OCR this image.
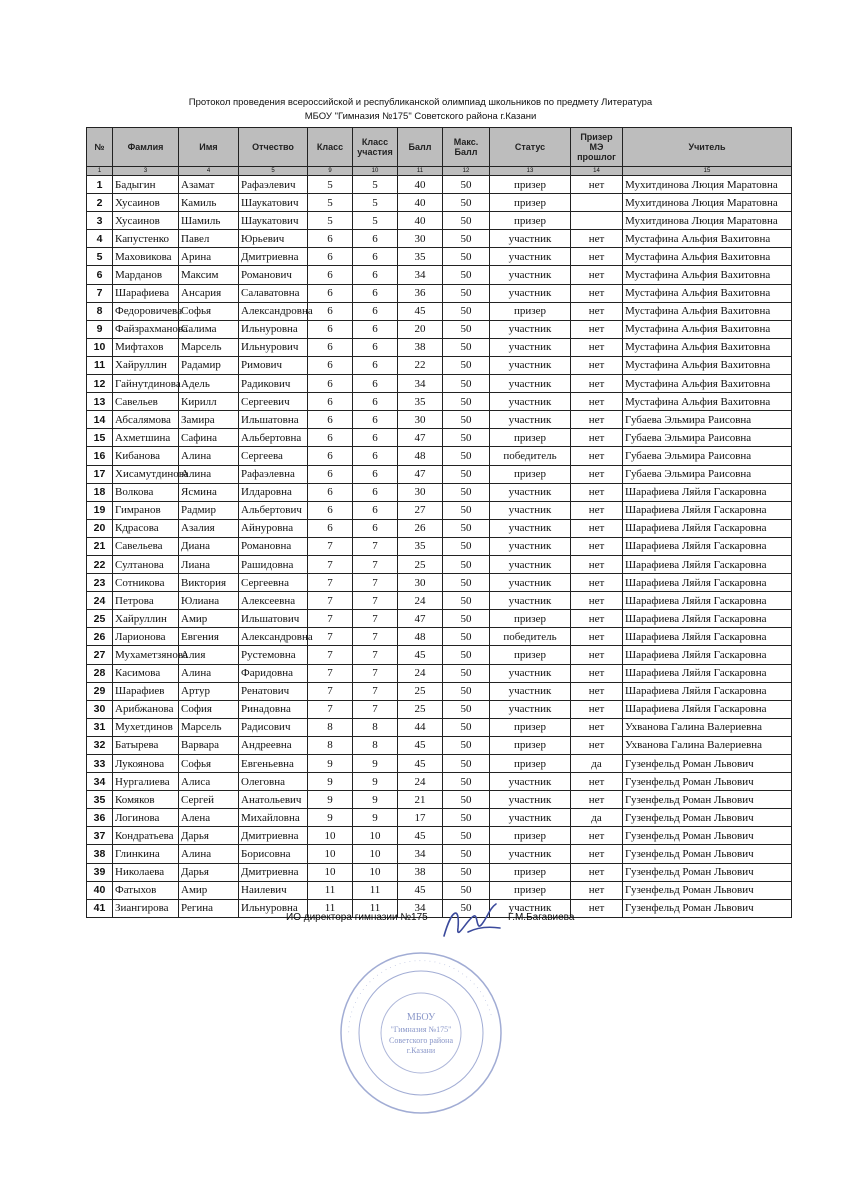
Протокол проведения всероссийской и республиканской олимпиад школьников по предмету Литература
МБОУ "Гимназия №175" Советского района г.Казани
№	Фамлия	Имя	Отчество	Класс	Класс участия	Балл	Макс. Балл	Статус	Призер МЭ прошлог	Учитель
1	3	4	5	9	10	11	12	13	14	15
1	Бадыгин	Азамат	Рафаэлевич	5	5	40	50	призер	нет	Мухитдинова Люция Маратовна
2	Хусаинов	Камиль	Шаукатович	5	5	40	50	призер		Мухитдинова Люция Маратовна
3	Хусаинов	Шамиль	Шаукатович	5	5	40	50	призер		Мухитдинова Люция Маратовна
4	Капустенко	Павел	Юрьевич	6	6	30	50	участник	нет	Мустафина Альфия Вахитовна
5	Маховикова	Арина	Дмитриевна	6	6	35	50	участник	нет	Мустафина Альфия Вахитовна
6	Марданов	Максим	Романович	6	6	34	50	участник	нет	Мустафина Альфия Вахитовна
7	Шарафиева	Ансария	Салаватовна	6	6	36	50	участник	нет	Мустафина Альфия Вахитовна
8	Федоровичева	Софья	Александровна	6	6	45	50	призер	нет	Мустафина Альфия Вахитовна
9	Файзрахманова	Салима	Ильнуровна	6	6	20	50	участник	нет	Мустафина Альфия Вахитовна
10	Мифтахов	Марсель	Ильнурович	6	6	38	50	участник	нет	Мустафина Альфия Вахитовна
11	Хайруллин	Радамир	Римович	6	6	22	50	участник	нет	Мустафина Альфия Вахитовна
12	Гайнутдинова	Адель	Радикович	6	6	34	50	участник	нет	Мустафина Альфия Вахитовна
13	Савельев	Кирилл	Сергеевич	6	6	35	50	участник	нет	Мустафина Альфия Вахитовна
14	Абсалямова	Замира	Ильшатовна	6	6	30	50	участник	нет	Губаева Эльмира Раисовна
15	Ахметшина	Сафина	Альбертовна	6	6	47	50	призер	нет	Губаева Эльмира Раисовна
16	Кибанова	Алина	Сергеева	6	6	48	50	победитель	нет	Губаева Эльмира Раисовна
17	Хисамутдинова	Алина	Рафаэлевна	6	6	47	50	призер	нет	Губаева Эльмира Раисовна
18	Волкова	Ясмина	Илдаровна	6	6	30	50	участник	нет	Шарафиева Ляйля Гаскаровна
19	Гимранов	Радмир	Альбертович	6	6	27	50	участник	нет	Шарафиева Ляйля Гаскаровна
20	Кдрасова	Азалия	Айнуровна	6	6	26	50	участник	нет	Шарафиева Ляйля Гаскаровна
21	Савельева	Диана	Романовна	7	7	35	50	участник	нет	Шарафиева Ляйля Гаскаровна
22	Султанова	Лиана	Рашидовна	7	7	25	50	участник	нет	Шарафиева Ляйля Гаскаровна
23	Сотникова	Виктория	Сергеевна	7	7	30	50	участник	нет	Шарафиева Ляйля Гаскаровна
24	Петрова	Юлиана	Алексеевна	7	7	24	50	участник	нет	Шарафиева Ляйля Гаскаровна
25	Хайруллин	Амир	Ильшатович	7	7	47	50	призер	нет	Шарафиева Ляйля Гаскаровна
26	Ларионова	Евгения	Александровна	7	7	48	50	победитель	нет	Шарафиева Ляйля Гаскаровна
27	Мухаметзянова	Алия	Рустемовна	7	7	45	50	призер	нет	Шарафиева Ляйля Гаскаровна
28	Касимова	Алина	Фаридовна	7	7	24	50	участник	нет	Шарафиева Ляйля Гаскаровна
29	Шарафиев	Артур	Ренатович	7	7	25	50	участник	нет	Шарафиева Ляйля Гаскаровна
30	Арибжанова	София	Ринадовна	7	7	25	50	участник	нет	Шарафиева Ляйля Гаскаровна
31	Мухетдинов	Марсель	Радисович	8	8	44	50	призер	нет	Ухванова Галина Валериевна
32	Батырева	Варвара	Андреевна	8	8	45	50	призер	нет	Ухванова Галина Валериевна
33	Лукоянова	Софья	Евгеньевна	9	9	45	50	призер	да	Гузенфельд Роман Львович
34	Нургалиева	Алиса	Олеговна	9	9	24	50	участник	нет	Гузенфельд Роман Львович
35	Комяков	Сергей	Анатольевич	9	9	21	50	участник	нет	Гузенфельд Роман Львович
36	Логинова	Алена	Михайловна	9	9	17	50	участник	да	Гузенфельд Роман Львович
37	Кондратьева	Дарья	Дмитриевна	10	10	45	50	призер	нет	Гузенфельд Роман Львович
38	Глинкина	Алина	Борисовна	10	10	34	50	участник	нет	Гузенфельд Роман Львович
39	Николаева	Дарья	Дмитриевна	10	10	38	50	призер	нет	Гузенфельд Роман Львович
40	Фатыхов	Амир	Наилевич	11	11	45	50	призер	нет	Гузенфельд Роман Львович
41	Зиангирова	Регина	Ильнуровна	11	11	34	50	участник	нет	Гузенфельд Роман Львович
· · · · · · · · · · · · · · · · · · · · · · · · · · · · · · · · · · · · · · · · · ·
МБОУ
"Гимназия №175"
Советского района
г.Казани
ИО директора гимназии №175	Г.М.Багавиева
